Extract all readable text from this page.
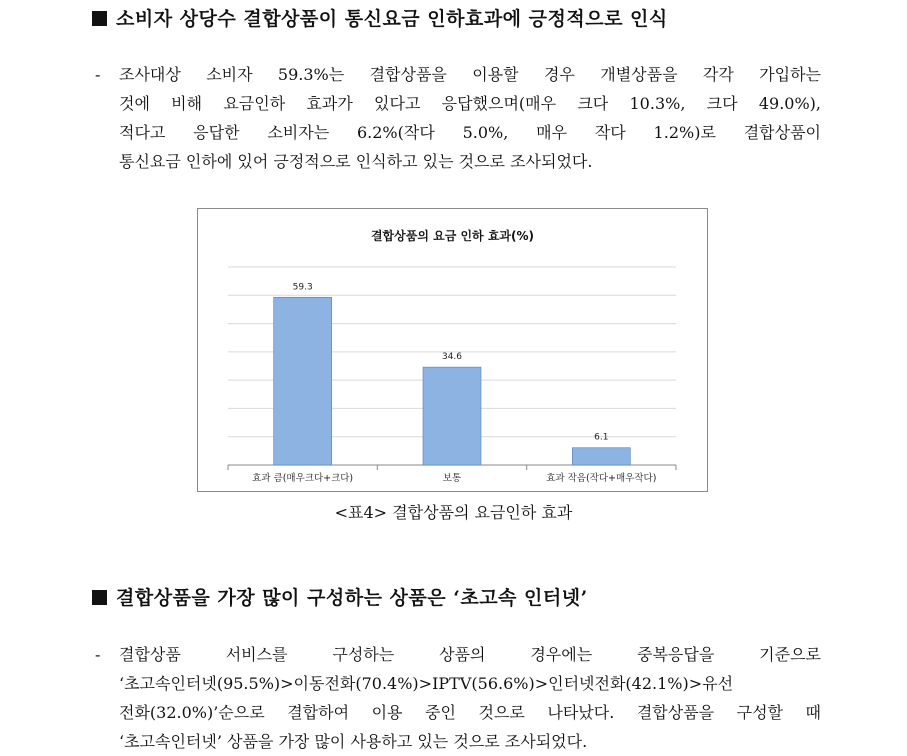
소비자 상당수 결합상품이 통신요금 인하효과에 긍정적으로 인식
- 조사대상 소비자 59.3%는 결합상품을 이용할 경우 개별상품을 각각 가입하는
것에 비해 요금인하 효과가 있다고 응답했으며(매우 크다 10.3%, 크다 49.0%),
적다고 응답한 소비자는 6.2%(작다 5.0%, 매우 작다 1.2%)로 결합상품이
통신요금 인하에 있어 긍정적으로 인식하고 있는 것으로 조사되었다.
결합상품의 요금 인하 효과(%)
59.3
효과 큼(매우크다+크다)
34.6
보통
6.1
효과 작음(작다+매우작다)
<표4> 결합상품의 요금인하 효과
결합상품을 가장 많이 구성하는 상품은 ‘초고속 인터넷’
- 결합상품 서비스를 구성하는 상품의 경우에는 중복응답을 기준으로
‘초고속인터넷(95.5%)>이동전화(70.4%)>IPTV(56.6%)>인터넷전화(42.1%)>유선
전화(32.0%)’순으로 결합하여 이용 중인 것으로 나타났다. 결합상품을 구성할 때
‘초고속인터넷’ 상품을 가장 많이 사용하고 있는 것으로 조사되었다.
